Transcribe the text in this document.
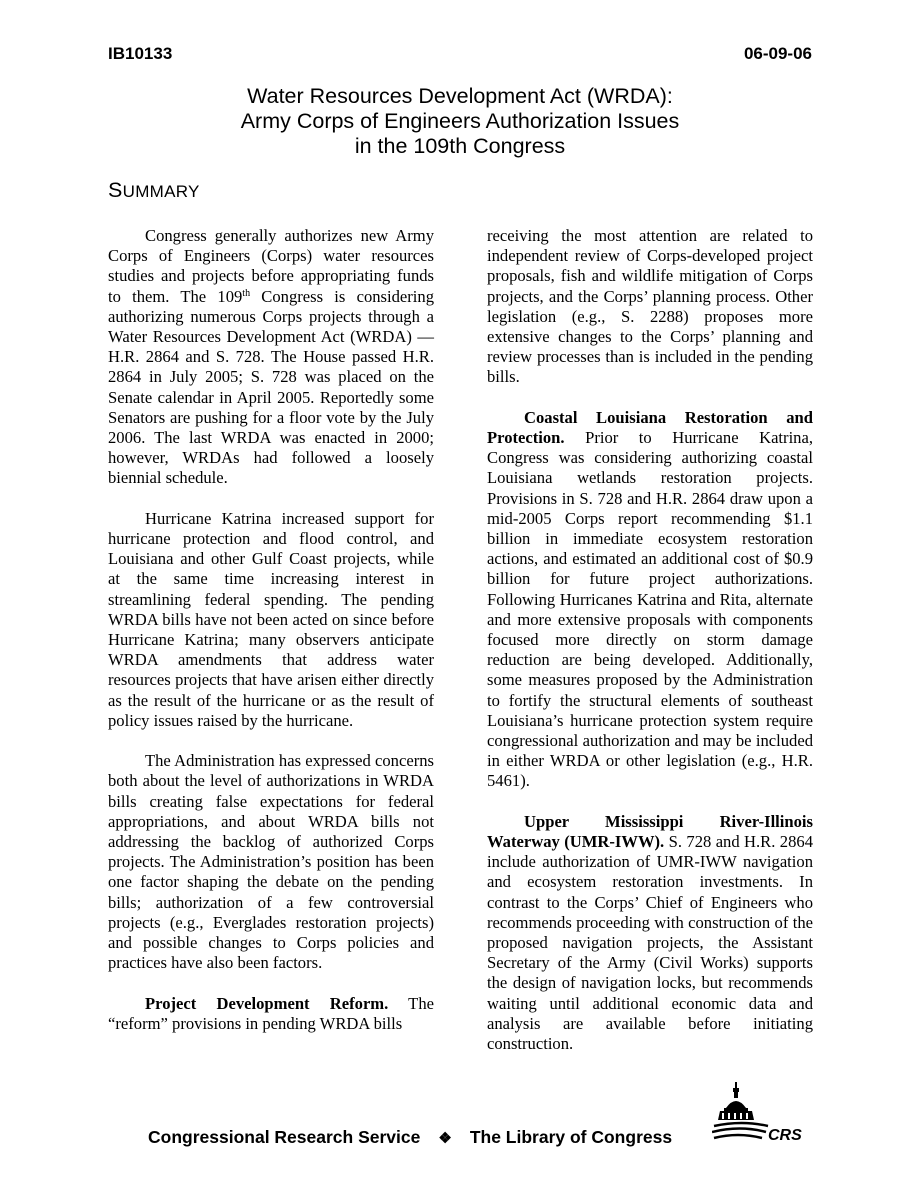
IB10133	06-09-06
Water Resources Development Act (WRDA):
Army Corps of Engineers Authorization Issues
in the 109th Congress
SUMMARY

Congress generally authorizes new Army Corps of Engineers (Corps) water resources studies and projects before appropriating funds to them. The 109th Congress is considering authorizing numerous Corps projects through a Water Resources Development Act (WRDA) — H.R. 2864 and S. 728. The House passed H.R. 2864 in July 2005; S. 728 was placed on the Senate calendar in April 2005. Reportedly some Senators are pushing for a floor vote by the July 2006. The last WRDA was enacted in 2000; however, WRDAs had followed a loosely biennial schedule.

Hurricane Katrina increased support for hurricane protection and flood control, and Louisiana and other Gulf Coast projects, while at the same time increasing interest in streamlining federal spending. The pending WRDA bills have not been acted on since before Hurricane Katrina; many observers anticipate WRDA amendments that address water resources projects that have arisen either directly as the result of the hurricane or as the result of policy issues raised by the hurricane.

The Administration has expressed concerns both about the level of authorizations in WRDA bills creating false expectations for federal appropriations, and about WRDA bills not addressing the backlog of authorized Corps projects. The Administration’s position has been one factor shaping the debate on the pending bills; authorization of a few controversial projects (e.g., Everglades restoration projects) and possible changes to Corps policies and practices have also been factors.

Project Development Reform. The “reform” provisions in pending WRDA bills

receiving the most attention are related to independent review of Corps-developed project proposals, fish and wildlife mitigation of Corps projects, and the Corps’ planning process. Other legislation (e.g., S. 2288) proposes more extensive changes to the Corps’ planning and review processes than is included in the pending bills.

Coastal Louisiana Restoration and Protection. Prior to Hurricane Katrina, Congress was considering authorizing coastal Louisiana wetlands restoration projects. Provisions in S. 728 and H.R. 2864 draw upon a mid-2005 Corps report recommending $1.1 billion in immediate ecosystem restoration actions, and estimated an additional cost of $0.9 billion for future project authorizations. Following Hurricanes Katrina and Rita, alternate and more extensive proposals with components focused more directly on storm damage reduction are being developed. Additionally, some measures proposed by the Administration to fortify the structural elements of southeast Louisiana’s hurricane protection system require congressional authorization and may be included in either WRDA or other legislation (e.g., H.R. 5461).

Upper Mississippi River-Illinois Waterway (UMR-IWW). S. 728 and H.R. 2864 include authorization of UMR-IWW navigation and ecosystem restoration investments. In contrast to the Corps’ Chief of Engineers who recommends proceeding with construction of the proposed navigation projects, the Assistant Secretary of the Army (Civil Works) supports the design of navigation locks, but recommends waiting until additional economic data and analysis are available before initiating construction.

Congressional Research Service ❖ The Library of Congress	CRS
